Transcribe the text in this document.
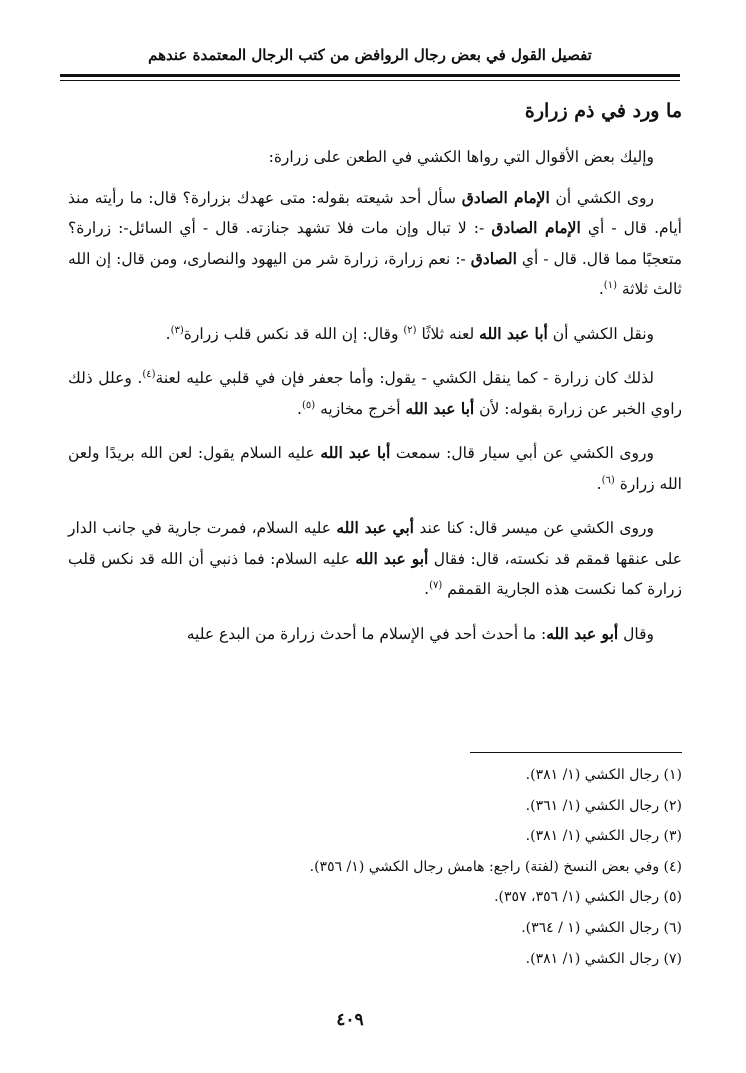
تفصيل القول في بعض رجال الروافض من كتب الرجال المعتمدة عندهم
ما ورد في ذم زرارة

وإليك بعض الأقوال التي رواها الكشي في الطعن على زرارة:

روى الكشي أن الإمام الصادق سأل أحد شيعته بقوله: متى عهدك بزرارة؟ قال: ما رأيته منذ أيام. قال - أي الإمام الصادق -: لا تبال وإن مات فلا تشهد جنازته. قال - أي السائل-: زرارة؟ متعجبًا مما قال. قال - أي الصادق -: نعم زرارة، زرارة شر من اليهود والنصارى، ومن قال: إن الله ثالث ثلاثة $^{(١)}$.

ونقل الكشي أن أبا عبد الله لعنه ثلاثًا $^{(٢)}$ وقال: إن الله قد نكس قلب زرارة$^{(٣)}$.

لذلك كان زرارة - كما ينقل الكشي - يقول: وأما جعفر فإن في قلبي عليه لعنة$^{(٤)}$. وعلل ذلك راوي الخبر عن زرارة بقوله: لأن أبا عبد الله أخرج مخازيه $^{(٥)}$.

وروى الكشي عن أبي سيار قال: سمعت أبا عبد الله عليه السلام يقول: لعن الله بريدًا ولعن الله زرارة $^{(٦)}$.

وروى الكشي عن ميسر قال: كنا عند أبي عبد الله عليه السلام، فمرت جارية في جانب الدار على عنقها قمقم قد نكسته، قال: فقال أبو عبد الله عليه السلام: فما ذنبي أن الله قد نكس قلب زرارة كما نكست هذه الجارية القمقم $^{(٧)}$.

وقال أبو عبد الله: ما أحدث أحد في الإسلام ما أحدث زرارة من البدع عليه

(١) رجال الكشي (١/ ٣٨١).
(٢) رجال الكشي (١/ ٣٦١).
(٣) رجال الكشي (١/ ٣٨١).
(٤) وفي بعض النسخ (لفتة) راجع: هامش رجال الكشي (١/ ٣٥٦).
(٥) رجال الكشي (١/ ٣٥٦، ٣٥٧).
(٦) رجال الكشي (١ / ٣٦٤).
(٧) رجال الكشي (١/ ٣٨١).
٤٠٩
